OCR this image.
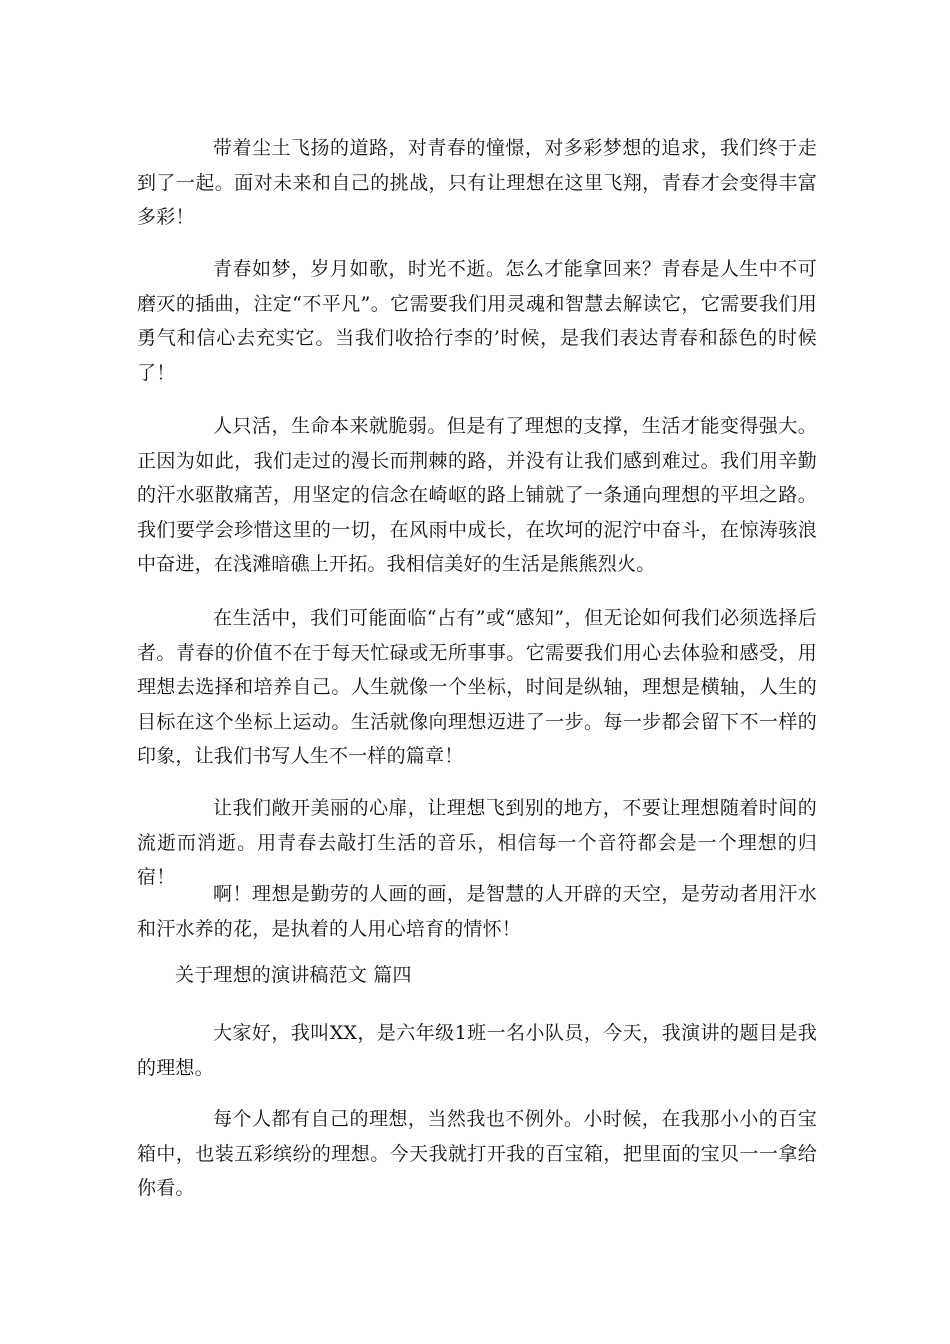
带着尘土飞扬的道路，对青春的憧憬，对多彩梦想的追求，我们终于走到了一起。面对未来和自己的挑战，只有让理想在这里飞翔，青春才会变得丰富多彩！

青春如梦，岁月如歌，时光不逝。怎么才能拿回来？青春是人生中不可磨灭的插曲，注定“不平凡”。它需要我们用灵魂和智慧去解读它，它需要我们用勇气和信心去充实它。当我们收拾行李的’时候，是我们表达青春和舔色的时候了！

人只活，生命本来就脆弱。但是有了理想的支撑，生活才能变得强大。正因为如此，我们走过的漫长而荆棘的路，并没有让我们感到难过。我们用辛勤的汗水驱散痛苦，用坚定的信念在崎岖的路上铺就了一条通向理想的平坦之路。我们要学会珍惜这里的一切，在风雨中成长，在坎坷的泥泞中奋斗，在惊涛骇浪中奋进，在浅滩暗礁上开拓。我相信美好的生活是熊熊烈火。

在生活中，我们可能面临“占有”或“感知”，但无论如何我们必须选择后者。青春的价值不在于每天忙碌或无所事事。它需要我们用心去体验和感受，用理想去选择和培养自己。人生就像一个坐标，时间是纵轴，理想是横轴，人生的目标在这个坐标上运动。生活就像向理想迈进了一步。每一步都会留下不一样的印象，让我们书写人生不一样的篇章！

让我们敞开美丽的心扉，让理想飞到别的地方，不要让理想随着时间的流逝而消逝。用青春去敲打生活的音乐，相信每一个音符都会是一个理想的归宿！

啊！理想是勤劳的人画的画，是智慧的人开辟的天空，是劳动者用汗水和汗水养的花，是执着的人用心培育的情怀！

关于理想的演讲稿范文 篇四

大家好，我叫XX，是六年级1班一名小队员，今天，我演讲的题目是我的理想。

每个人都有自己的理想，当然我也不例外。小时候，在我那小小的百宝箱中，也装五彩缤纷的理想。今天我就打开我的百宝箱，把里面的宝贝一一拿给你看。
